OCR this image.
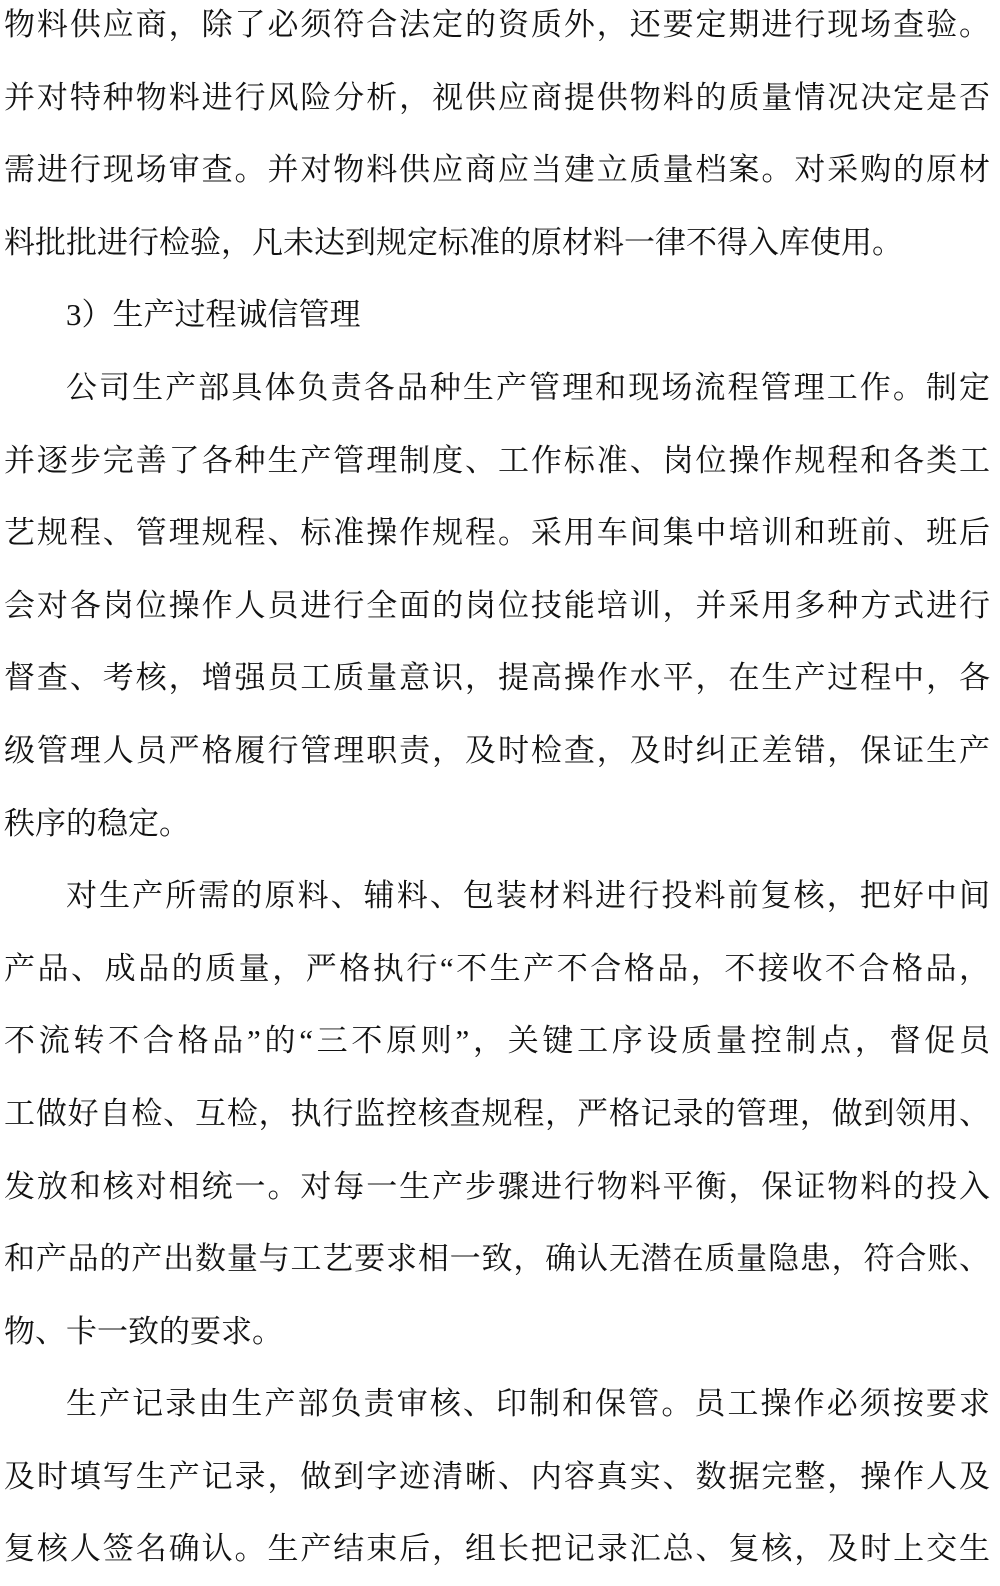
物料供应商，除了必须符合法定的资质外，还要定期进行现场查验。
并对特种物料进行风险分析，视供应商提供物料的质量情况决定是否
需进行现场审查。并对物料供应商应当建立质量档案。对采购的原材
料批批进行检验，凡未达到规定标准的原材料一律不得入库使用。
3）生产过程诚信管理
公司生产部具体负责各品种生产管理和现场流程管理工作。制定
并逐步完善了各种生产管理制度、工作标准、岗位操作规程和各类工
艺规程、管理规程、标准操作规程。采用车间集中培训和班前、班后
会对各岗位操作人员进行全面的岗位技能培训，并采用多种方式进行
督查、考核，增强员工质量意识，提高操作水平，在生产过程中，各
级管理人员严格履行管理职责，及时检查，及时纠正差错，保证生产
秩序的稳定。
对生产所需的原料、辅料、包装材料进行投料前复核，把好中间
产品、成品的质量，严格执行“不生产不合格品，不接收不合格品，
不流转不合格品”的“三不原则”，关键工序设质量控制点，督促员
工做好自检、互检，执行监控核查规程，严格记录的管理，做到领用、
发放和核对相统一。对每一生产步骤进行物料平衡，保证物料的投入
和产品的产出数量与工艺要求相一致，确认无潜在质量隐患，符合账、
物、卡一致的要求。
生产记录由生产部负责审核、印制和保管。员工操作必须按要求
及时填写生产记录，做到字迹清晰、内容真实、数据完整，操作人及
复核人签名确认。生产结束后，组长把记录汇总、复核，及时上交生
